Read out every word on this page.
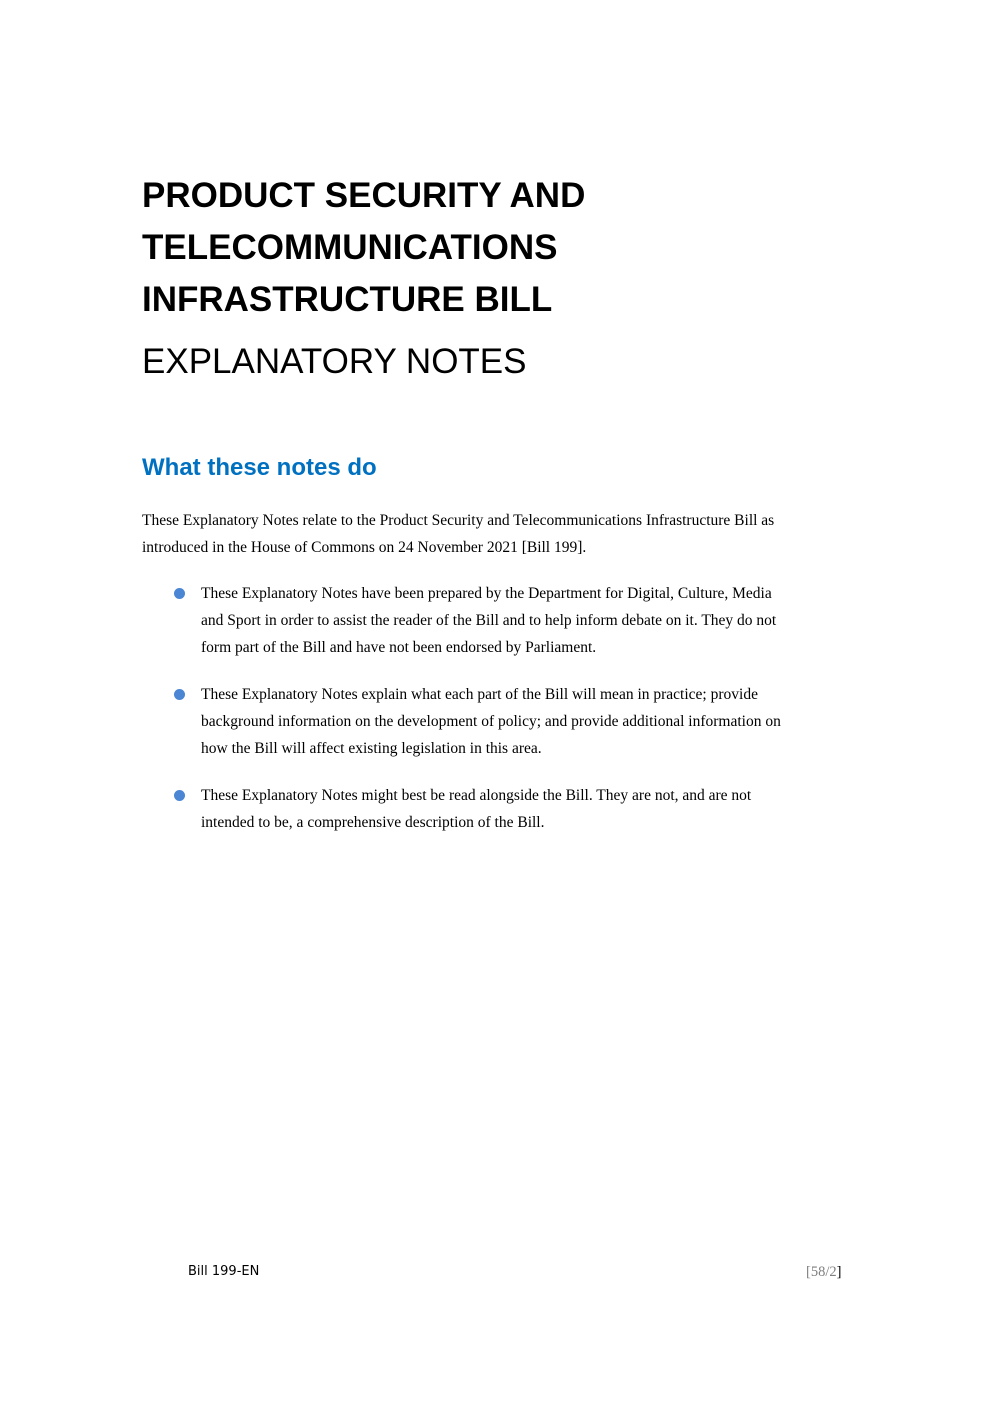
PRODUCT SECURITY AND
TELECOMMUNICATIONS
INFRASTRUCTURE BILL
EXPLANATORY NOTES
What these notes do

These Explanatory Notes relate to the Product Security and Telecommunications Infrastructure Bill as
introduced in the House of Commons on 24 November 2021 [Bill 199].

These Explanatory Notes have been prepared by the Department for Digital, Culture, Media
and Sport in order to assist the reader of the Bill and to help inform debate on it. They do not
form part of the Bill and have not been endorsed by Parliament.
These Explanatory Notes explain what each part of the Bill will mean in practice; provide
background information on the development of policy; and provide additional information on
how the Bill will affect existing legislation in this area.
These Explanatory Notes might best be read alongside the Bill. They are not, and are not
intended to be, a comprehensive description of the Bill.
Bill 199-EN	[58/2]
